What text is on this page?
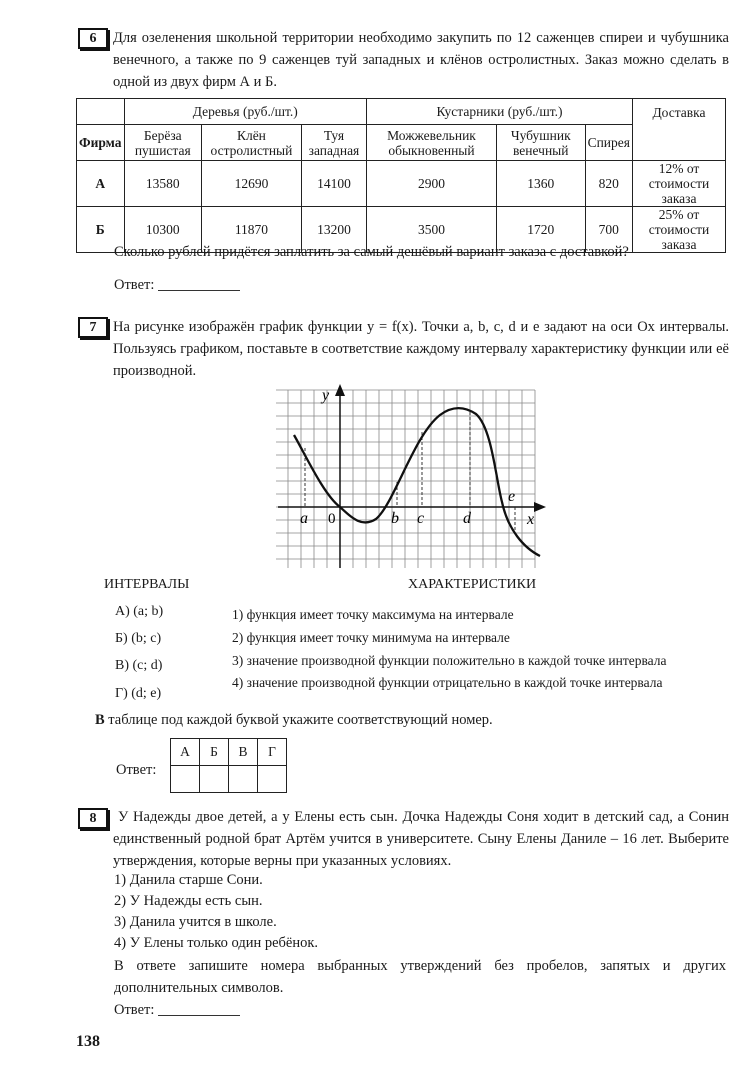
6	Для озеленения школьной территории необходимо закупить по 12 саженцев спиреи и чубушника венечного, а также по 9 саженцев туй западных и клёнов остролистных. Заказ можно сделать в одной из двух фирм А и Б.
	Деревья (руб./шт.)			Кустарники (руб./шт.)			Доставка
Фирма	Берёза пушистая	Клён остролистный	Туя западная	Можжевельник обыкновенный	Чубушник венечный	Спирея	
А	13580	12690	14100	2900	1360	820	12% от стоимости заказа
Б	10300	11870	13200	3500	1720	700	25% от стоимости заказа
Сколько рублей придётся заплатить за самый дешёвый вариант заказа с доставкой?
Ответ:
7	На рисунке изображён график функции y = f(x). Точки a, b, c, d и e задают на оси Ox интервалы. Пользуясь графиком, поставьте в соответствие каждому интервалу характеристику функции или её производной.
y
x
0
a	b c d
e
ИНТЕРВАЛЫ	ХАРАКТЕРИСТИКИ
А) (a; b)
Б) (b; c)
В) (c; d)
Г) (d; e)
1) функция имеет точку максимума на интервале
2) функция имеет точку минимума на интервале
3) значение производной функции положительно в каждой точке интервала
4) значение производной функции отрицательно в каждой точке интервала
В таблице под каждой буквой укажите соответствующий номер.
Ответ:
А	Б	В	Г

8	У Надежды двое детей, а у Елены есть сын. Дочка Надежды Соня ходит в детский сад, а Сонин единственный родной брат Артём учится в университете. Сыну Елены Даниле – 16 лет. Выберите утверждения, которые верны при указанных условиях.
1) Данила старше Сони.
2) У Надежды есть сын.
3) Данила учится в школе.
4) У Елены только один ребёнок.
В ответе запишите номера выбранных утверждений без пробелов, запятых и других дополнительных символов.
Ответ:
138
